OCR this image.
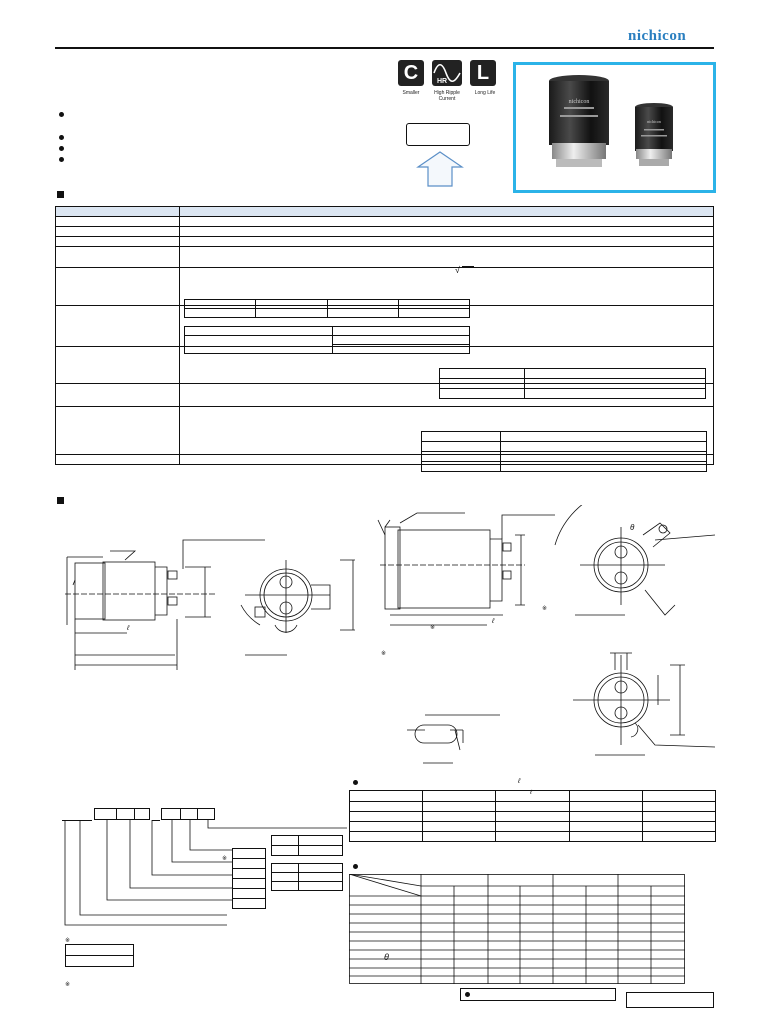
nichicon
C	HR	L
Smaller	High Ripple Current
Long Life
nichicon
nichicon

√

ℓ
ℓ
※
※
※
θ

※
※

※
ℓ
ℓ

θ
